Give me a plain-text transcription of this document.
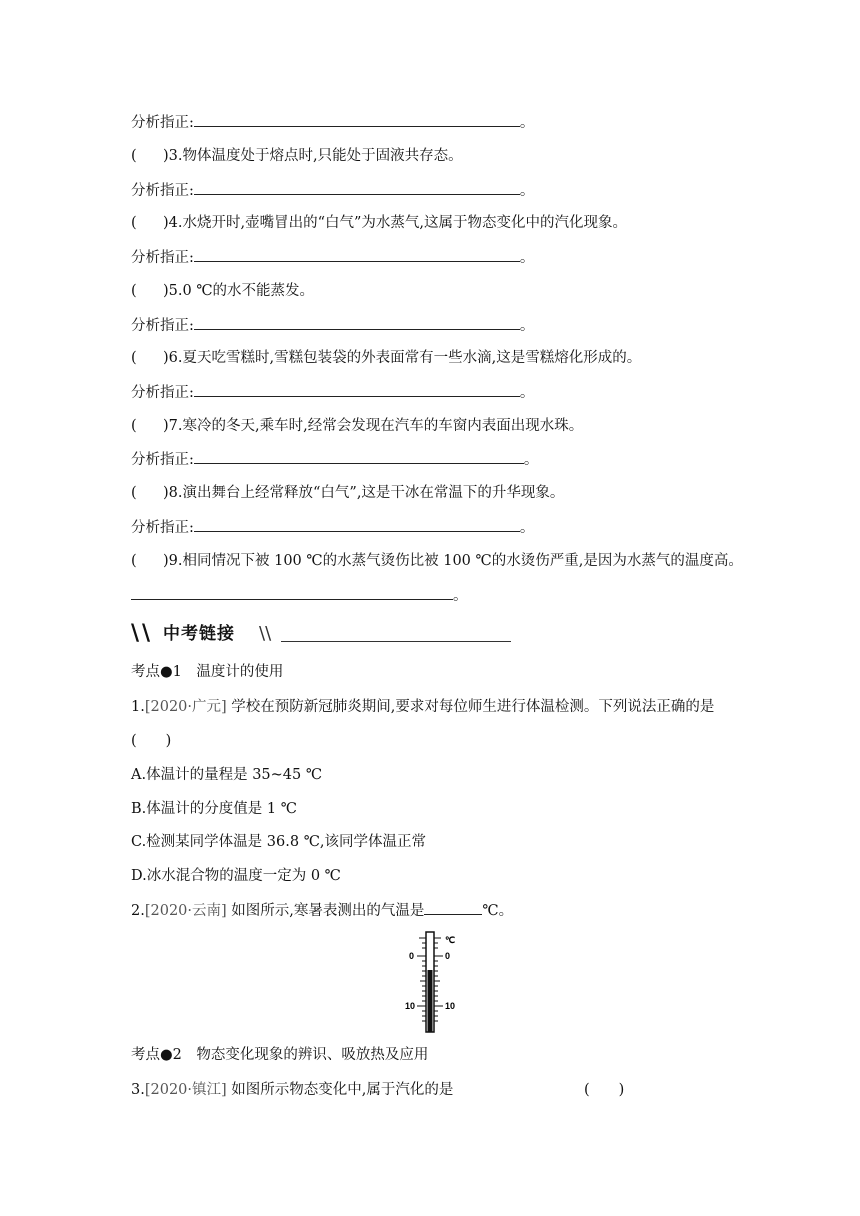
分析指正:	。
( )3.物体温度处于熔点时,只能处于固液共存态。
分析指正:	。
( )4.水烧开时,壶嘴冒出的“白气”为水蒸气,这属于物态变化中的汽化现象。
分析指正:	。
( )5.0 ℃的水不能蒸发。
分析指正:	。
( )6.夏天吃雪糕时,雪糕包装袋的外表面常有一些水滴,这是雪糕熔化形成的。
分析指正:	。
( )7.寒冷的冬天,乘车时,经常会发现在汽车的车窗内表面出现水珠。
分析指正:	。
( )8.演出舞台上经常释放“白气”,这是干冰在常温下的升华现象。
分析指正:	。
( )9.相同情况下被 100 ℃的水蒸气烫伤比被 100 ℃的水烫伤严重,是因为水蒸气的温度高。
。
\ \ 中考链接 \\
考点●1　温度计的使用
1.[2020·广元] 学校在预防新冠肺炎期间,要求对每位师生进行体温检测。下列说法正确的是
(　　)
A.体温计的量程是 35~45 ℃
B.体温计的分度值是 1 ℃
C.检测某同学体温是 36.8 ℃,该同学体温正常
D.冰水混合物的温度一定为 0 ℃
2.[2020·云南] 如图所示,寒暑表测出的气温是	℃。
℃
0	0
10	10
考点●2　物态变化现象的辨识、吸放热及应用
3.[2020·镇江] 如图所示物态变化中,属于汽化的是	(　　)
